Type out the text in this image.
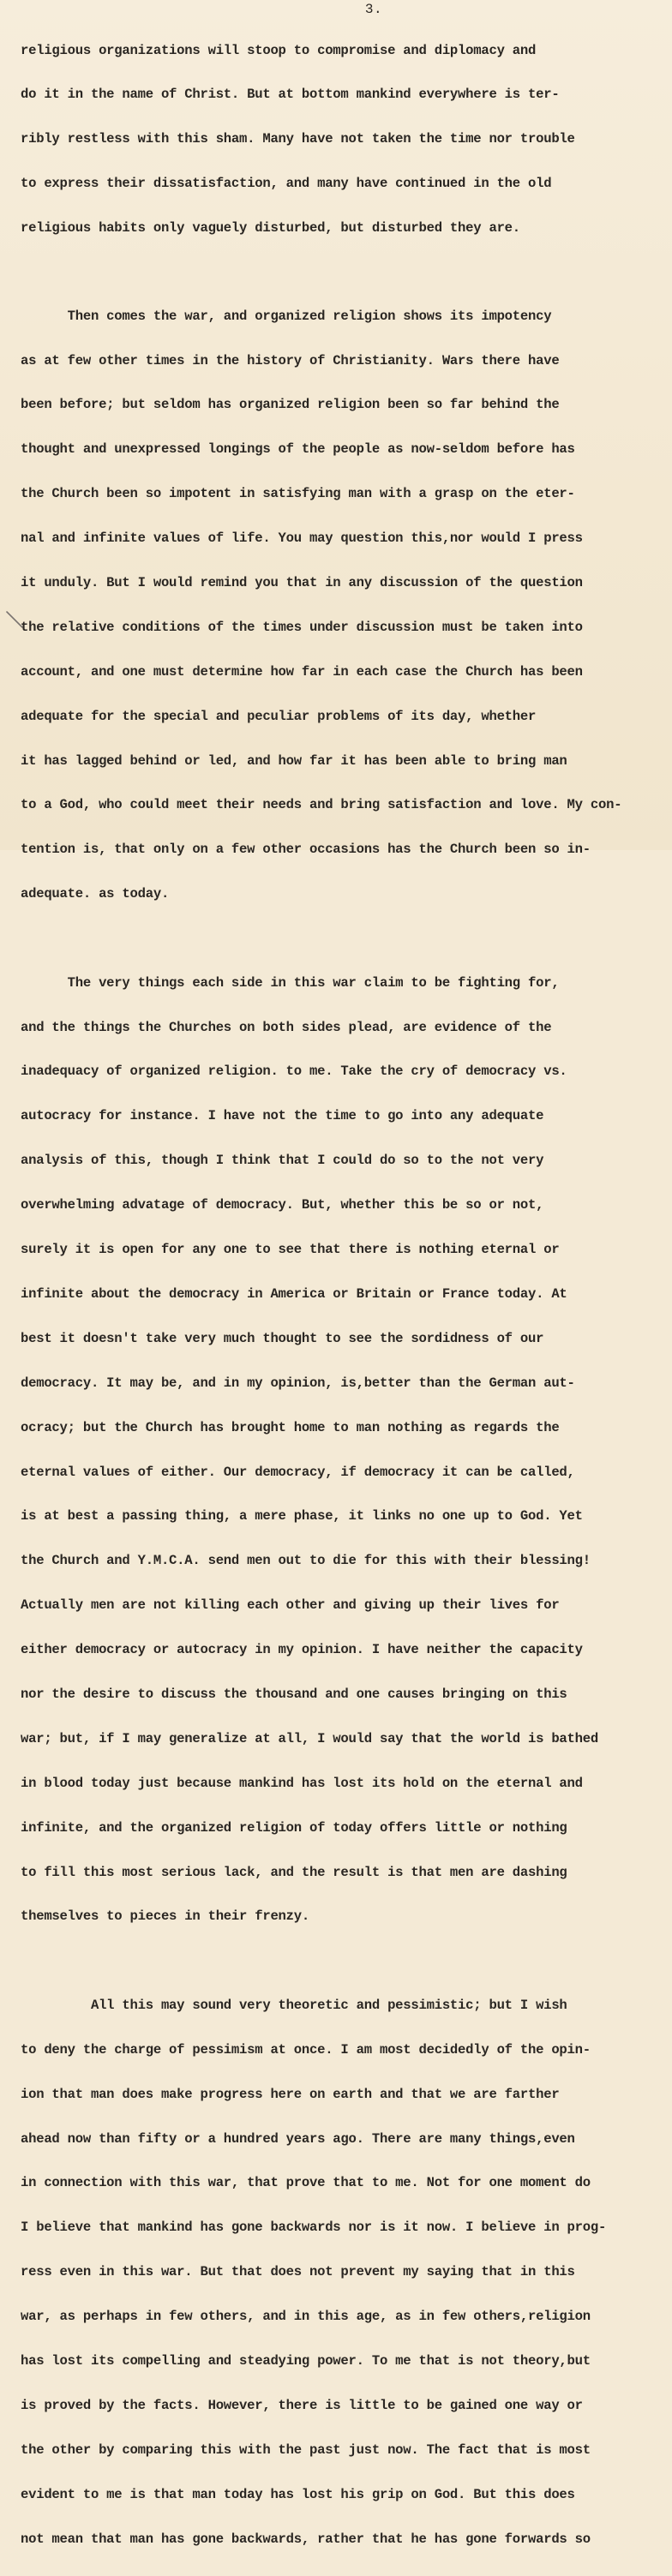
3.

religious organizations will stoop to compromise and diplomacy and

do it in the name of Christ. But at bottom mankind everywhere is ter-

ribly restless with this sham. Many have not taken the time nor trouble

to express their dissatisfaction, and many have continued in the old

religious habits only vaguely disturbed, but disturbed they are.

Then comes the war, and organized religion shows its impotency

as at few other times in the history of Christianity. Wars there have

been before; but seldom has organized religion been so far behind the

thought and unexpressed longings of the people as now-seldom before has

the Church been so impotent in satisfying man with a grasp on the eter-

nal and infinite values of life. You may question this,nor would I press

it unduly. But I would remind you that in any discussion of the question

the relative conditions of the times under discussion must be taken into

account, and one must determine how far in each case the Church has been

adequate for the special and peculiar problems of its day, whether

it has lagged behind or led, and how far it has been able to bring man

to a God, who could meet their needs and bring satisfaction and love. My con-

tention is, that only on a few other occasions has the Church been so in-

adequate. as today.

The very things each side in this war claim to be fighting for,

and the things the Churches on both sides plead, are evidence of the

inadequacy of organized religion. to me. Take the cry of democracy vs.

autocracy for instance. I have not the time to go into any adequate

analysis of this, though I think that I could do so to the not very

overwhelming advatage of democracy. But, whether this be so or not,

surely it is open for any one to see that there is nothing eternal or

infinite about the democracy in America or Britain or France today. At

best it doesn't take very much thought to see the sordidness of our

democracy. It may be, and in my opinion, is,better than the German aut-

ocracy; but the Church has brought home to man nothing as regards the

eternal values of either. Our democracy, if democracy it can be called,

is at best a passing thing, a mere phase, it links no one up to God. Yet

the Church and Y.M.C.A. send men out to die for this with their blessing!

Actually men are not killing each other and giving up their lives for

either democracy or autocracy in my opinion. I have neither the capacity

nor the desire to discuss the thousand and one causes bringing on this

war; but, if I may generalize at all, I would say that the world is bathed

in blood today just because mankind has lost its hold on the eternal and

infinite, and the organized religion of today offers little or nothing

to fill this most serious lack, and the result is that men are dashing

themselves to pieces in their frenzy.

All this may sound very theoretic and pessimistic; but I wish

to deny the charge of pessimism at once. I am most decidedly of the opin-

ion that man does make progress here on earth and that we are farther

ahead now than fifty or a hundred years ago. There are many things,even

in connection with this war, that prove that to me. Not for one moment do

I believe that mankind has gone backwards nor is it now. I believe in prog-

ress even in this war. But that does not prevent my saying that in this

war, as perhaps in few others, and in this age, as in few others,religion

has lost its compelling and steadying power. To me that is not theory,but

is proved by the facts. However, there is little to be gained one way or

the other by comparing this with the past just now. The fact that is most

evident to me is that man today has lost his grip on God. But this does

not mean that man has gone backwards, rather that he has gone forwards so
